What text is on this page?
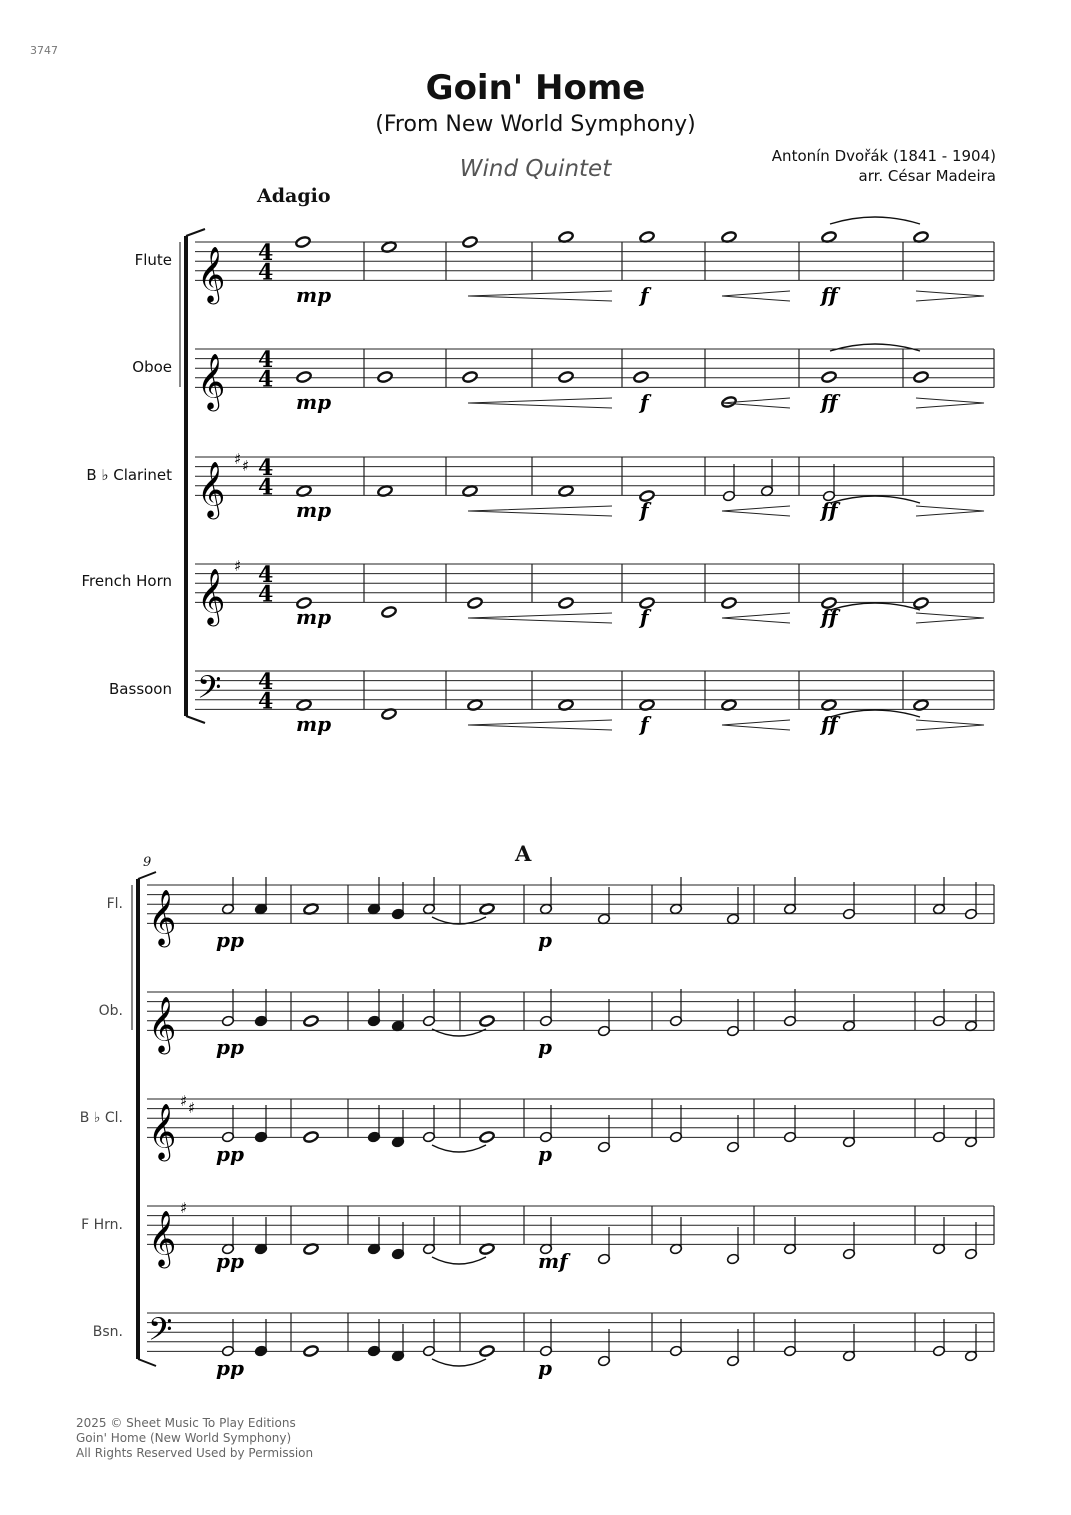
3747
Goin' Home
(From New World Symphony)
Wind Quintet	Antonín Dvořák (1841 - 1904)
arr. César Madeira
Adagio
Flute
Oboe
B ♭ Clarinet
French Horn
Bassoon
Fl.
Ob.
B ♭ Cl.
F Hrn.
Bsn.
9	A
𝄞 4
4
mp	f	ff
𝄞 4
4
mp	f	ff
𝄞
♯ ♯ 4
4
mp	f	ff
𝄞
♯ 4
4
mp	f	ff
𝄢 4
4
mp	f	ff
𝄞 pp	p
𝄞 pp	p
𝄞
♯ ♯
pp	p
𝄞
♯
pp	mf
𝄢
pp	p
2025 © Sheet Music To Play Editions
Goin' Home (New World Symphony)
All Rights Reserved Used by Permission
